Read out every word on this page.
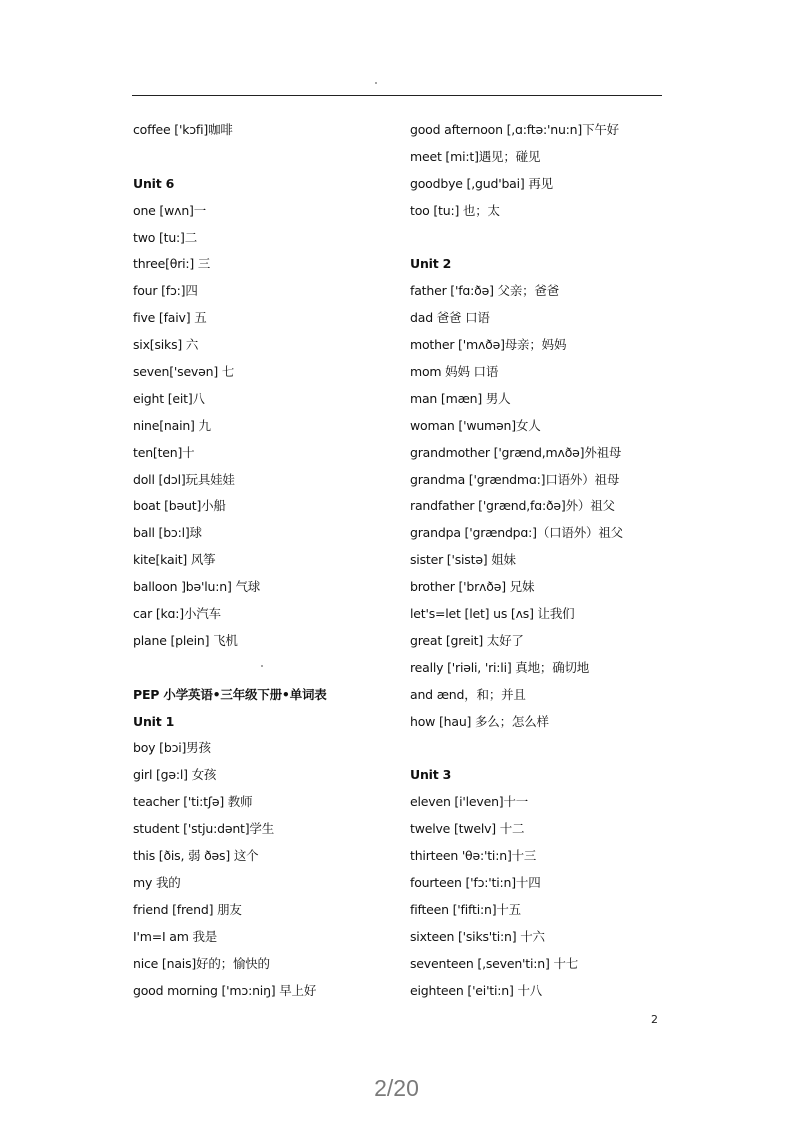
coffee ['kɔfi]咖啡
Unit 6
one [wʌn]一
two [tu:]二
three[θri:] 三
four [fɔ:]四
five [faiv] 五
six[siks] 六
seven['sevən] 七
eight [eit]八
nine[nain] 九
ten[ten]十
doll [dɔl]玩具娃娃
boat [bəut]小船
ball [bɔ:l]球
kite[kait] 风筝
balloon ]bə'lu:n] 气球
car [kɑ:]小汽车
plane [plein] 飞机
PEP 小学英语•三年级下册•单词表
Unit 1
boy [bɔi]男孩
girl [gə:l] 女孩
teacher ['ti:tʃə] 教师
student ['stju:dənt]学生
this [ðis, 弱 ðəs] 这个
my 我的
friend [frend] 朋友
I'm=I am 我是
nice [nais]好的；愉快的
good morning ['mɔ:niŋ] 早上好
good afternoon [,ɑ:ftə:'nu:n]下午好
meet [mi:t]遇见；碰见
goodbye [,gud'bai] 再见
too [tu:] 也；太
Unit 2
father ['fɑ:ðə] 父亲；爸爸
dad 爸爸 口语
mother ['mʌðə]母亲；妈妈
mom 妈妈 口语
man [mæn] 男人
woman ['wumən]女人
grandmother ['grænd,mʌðə]外祖母
grandma ['grændmɑ:]口语外）祖母
randfather ['grænd,fɑ:ðə]外）祖父
grandpa ['grændpɑ:]（口语外）祖父
sister ['sistə] 姐妹
brother ['brʌðə] 兄妹
let's=let [let] us [ʌs] 让我们
great [greit] 太好了
really ['riəli, 'ri:li] 真地；确切地
and ænd，和；并且
how [hau] 多么；怎么样
Unit 3
eleven [i'leven]十一
twelve [twelv] 十二
thirteen 'θə:'ti:n]十三
fourteen ['fɔ:'ti:n]十四
fifteen ['fifti:n]十五
sixteen ['siks'ti:n] 十六
seventeen [,seven'ti:n] 十七
eighteen ['ei'ti:n] 十八
2
2/20
